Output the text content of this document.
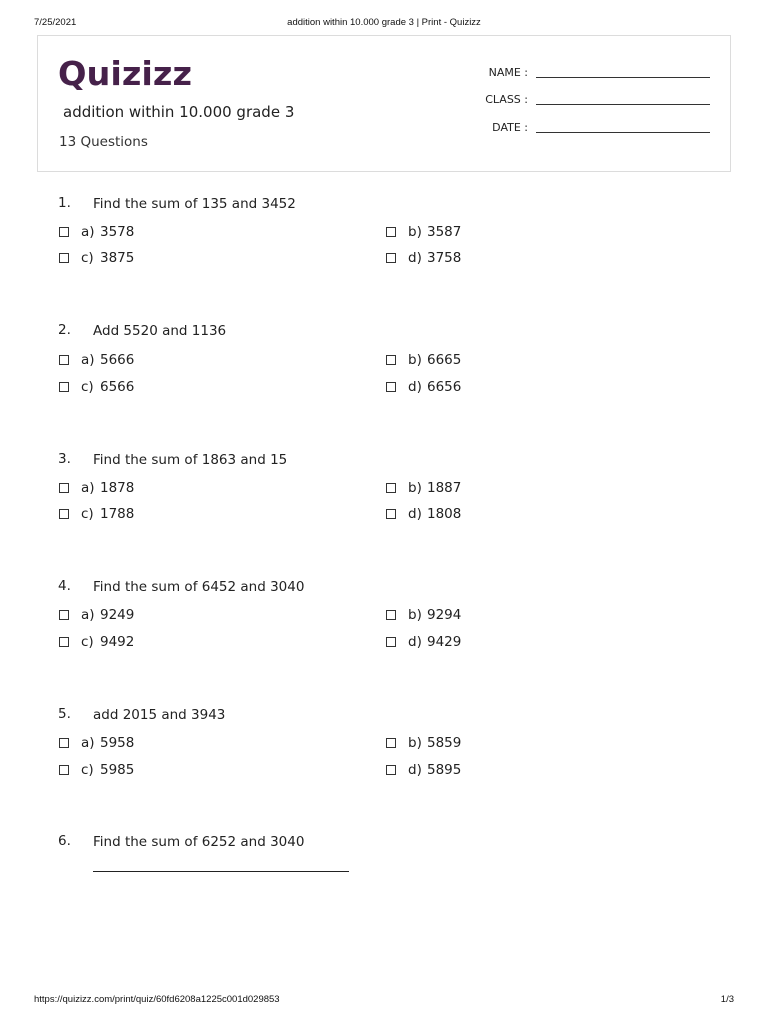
7/25/2021	addition within 10.000 grade 3 | Print - Quizizz
Quizizz
addition within 10.000 grade 3
13 Questions
NAME :
CLASS :
DATE :
1. Find the sum of 135 and 3452
a) 3578	b) 3587
c) 3875	d) 3758
2. Add 5520 and 1136
a) 5666	b) 6665
c) 6566	d) 6656
3. Find the sum of 1863 and 15
a) 1878	b) 1887
c) 1788	d) 1808
4. Find the sum of 6452 and 3040
a) 9249	b) 9294
c) 9492	d) 9429
5. add 2015 and 3943
a) 5958	b) 5859
c) 5985	d) 5895
6. Find the sum of 6252 and 3040
https://quizizz.com/print/quiz/60fd6208a1225c001d029853	1/3
